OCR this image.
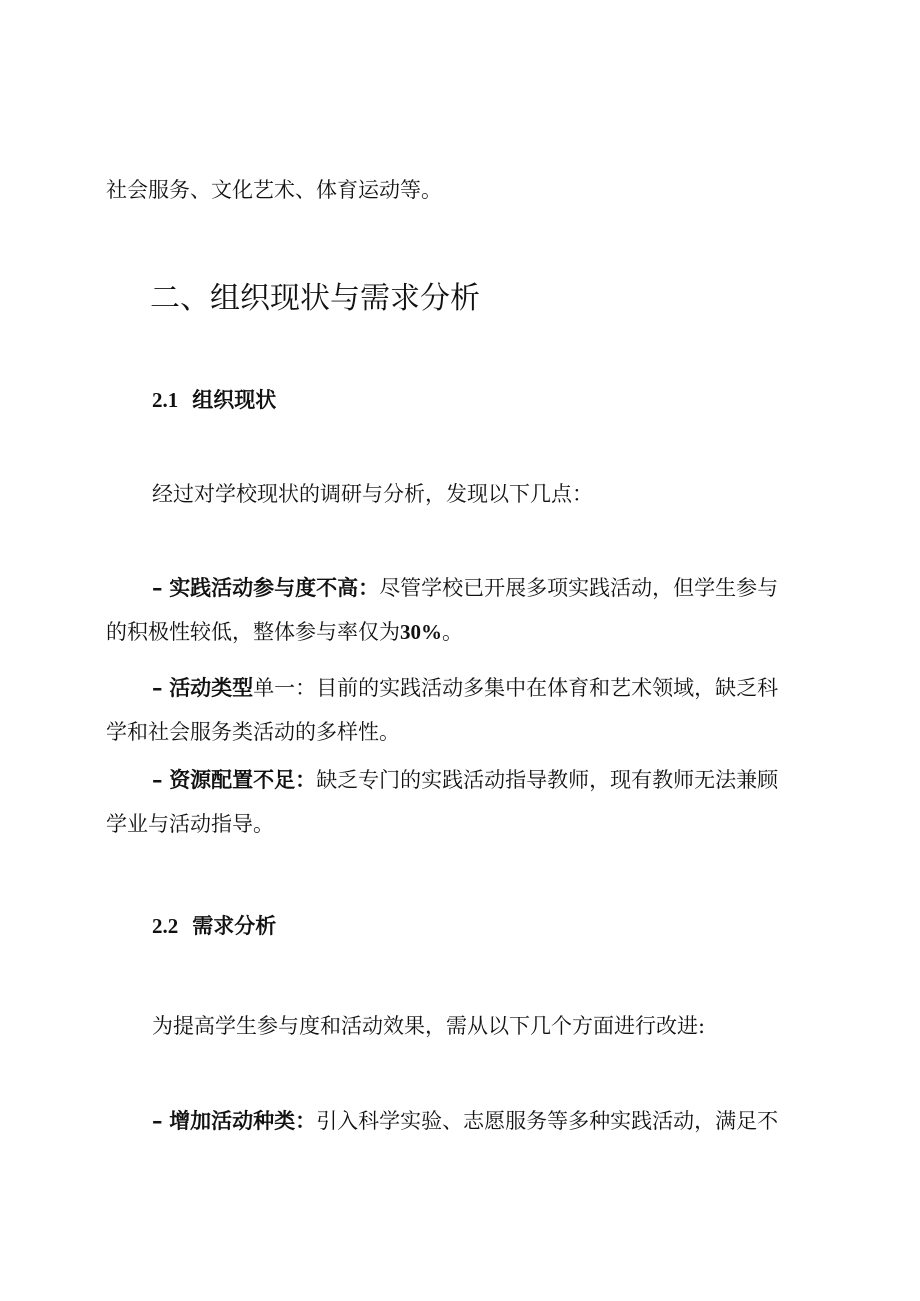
社会服务、文化艺术、体育运动等。
二、组织现状与需求分析
2.1 组织现状
经过对学校现状的调研与分析，发现以下几点：
– 实践活动参与度不高：尽管学校已开展多项实践活动，但学生参与
的积极性较低，整体参与率仅为30%。
– 活动类型单一：目前的实践活动多集中在体育和艺术领域，缺乏科
学和社会服务类活动的多样性。
– 资源配置不足：缺乏专门的实践活动指导教师，现有教师无法兼顾
学业与活动指导。
2.2 需求分析
为提高学生参与度和活动效果，需从以下几个方面进行改进:
– 增加活动种类：引入科学实验、志愿服务等多种实践活动，满足不
